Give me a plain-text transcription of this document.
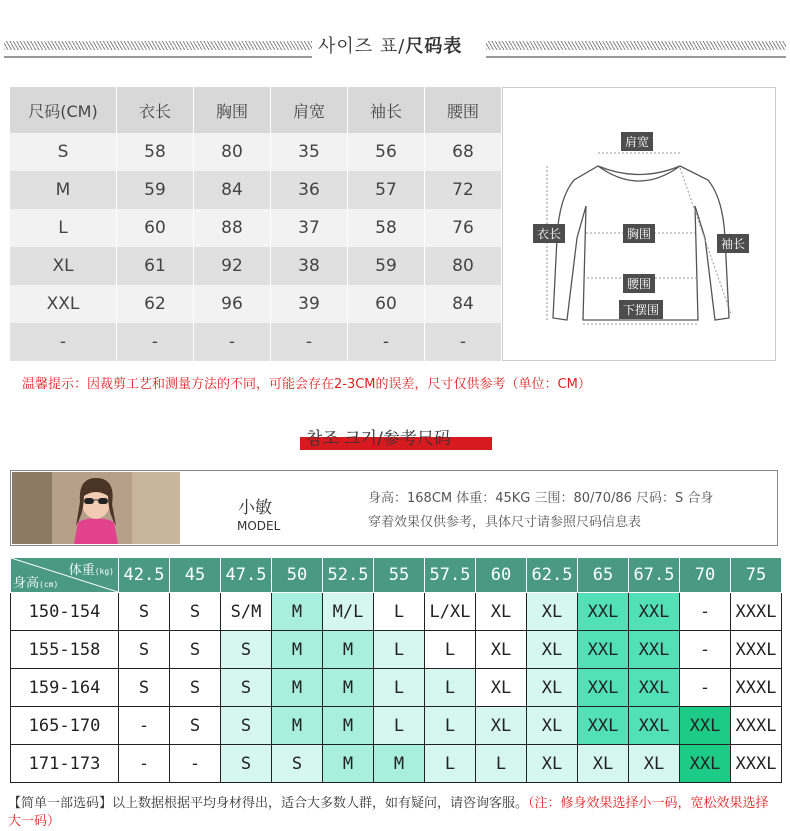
사이즈 표/尺码表
尺码(CM)	衣长	胸围	肩宽	袖长	腰围
S	58	80	35	56	68
M	59	84	36	57	72
L	60	88	37	58	76
XL	61	92	38	59	80
XXL	62	96	39	60	84
-	-	-	-	-	-
肩宽
衣长	胸围
袖长
腰围
下摆围
温馨提示：因裁剪工艺和测量方法的不同，可能会存在2-3CM的误差，尺寸仅供参考（单位：CM）
참조 크기/参考尺码
小敏
MODEL
身高：168CM 体重：45KG 三围：80/70/86 尺码：S 合身
穿着效果仅供参考，具体尺寸请参照尺码信息表
体重(kg)
身高(cm)	42.5	45	47.5	50	52.5	55	57.5	60	62.5	65	67.5	70	75
150-154	S	S	S/M	M	M/L	L	L/XL	XL	XL	XXL	XXL	-	XXXL
155-158	S	S	S	M	M	L	L	XL	XL	XXL	XXL	-	XXXL
159-164	S	S	S	M	M	L	L	XL	XL	XXL	XXL	-	XXXL
165-170	-	S	S	M	M	L	L	XL	XL	XXL	XXL	XXL	XXXL
171-173	-	-	S	S	M	M	L	L	XL	XL	XL	XXL	XXXL
【简单一部选码】以上数据根据平均身材得出，适合大多数人群，如有疑问，请咨询客服。（注：修身效果选择小一码，宽松效果选择大一码）
